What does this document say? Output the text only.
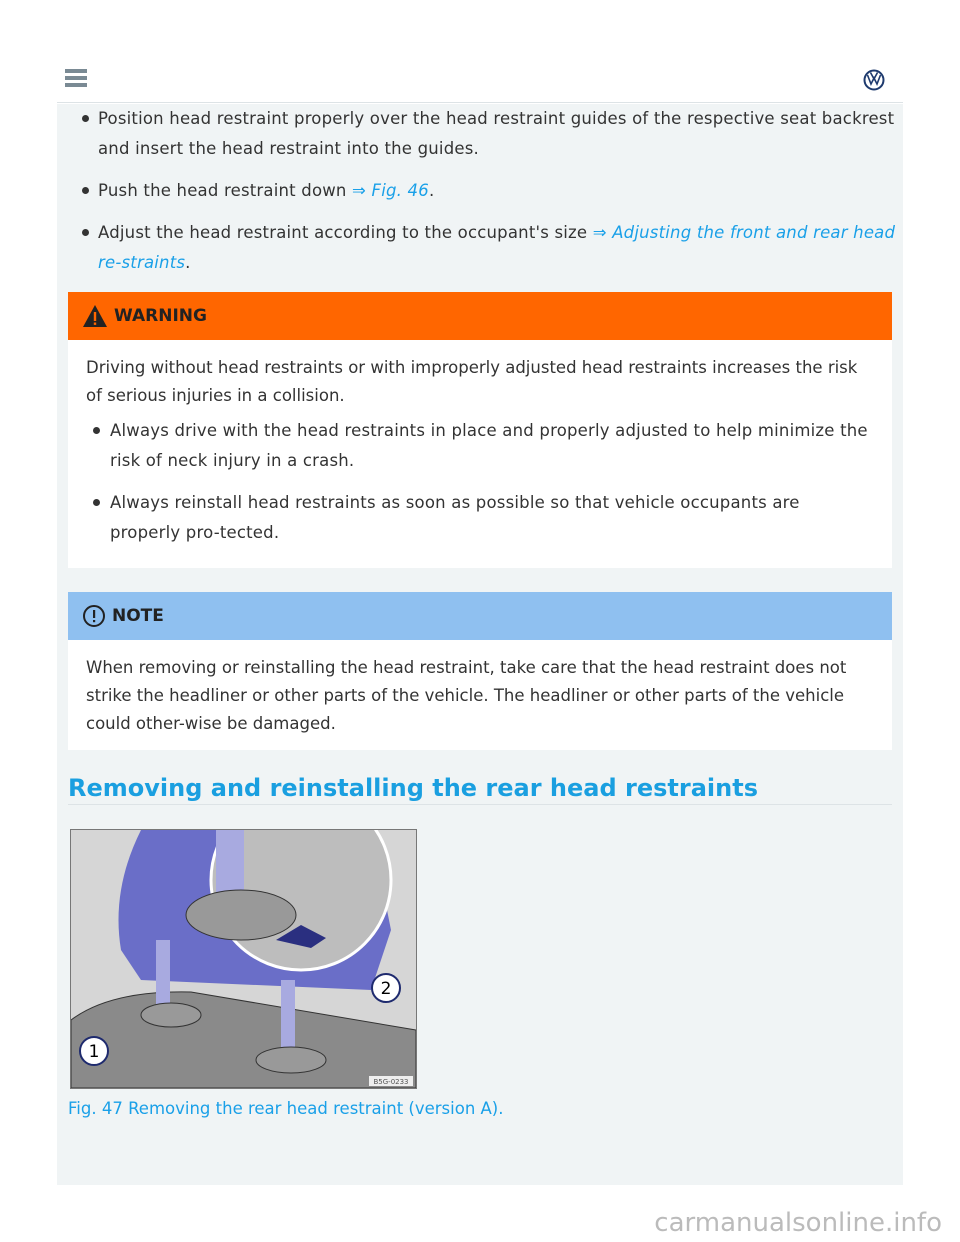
Position head restraint properly over the head restraint guides of the respective seat backrest and insert the head restraint into the guides.
Push the head restraint down ⇒ Fig. 46.
Adjust the head restraint according to the occupant's size ⇒ Adjusting the front and rear head re-straints.
WARNING

Driving without head restraints or with improperly adjusted head restraints increases the risk of serious injuries in a collision.

Always drive with the head restraints in place and properly adjusted to help minimize the risk of neck injury in a crash.
Always reinstall head restraints as soon as possible so that vehicle occupants are properly pro-tected.
NOTE

When removing or reinstalling the head restraint, take care that the head restraint does not strike the headliner or other parts of the vehicle. The headliner or other parts of the vehicle could other-wise be damaged.

Removing and reinstalling the rear head restraints
1
2
B5G-0233

Fig. 47 Removing the rear head restraint (version A).

carmanualsonline.info
